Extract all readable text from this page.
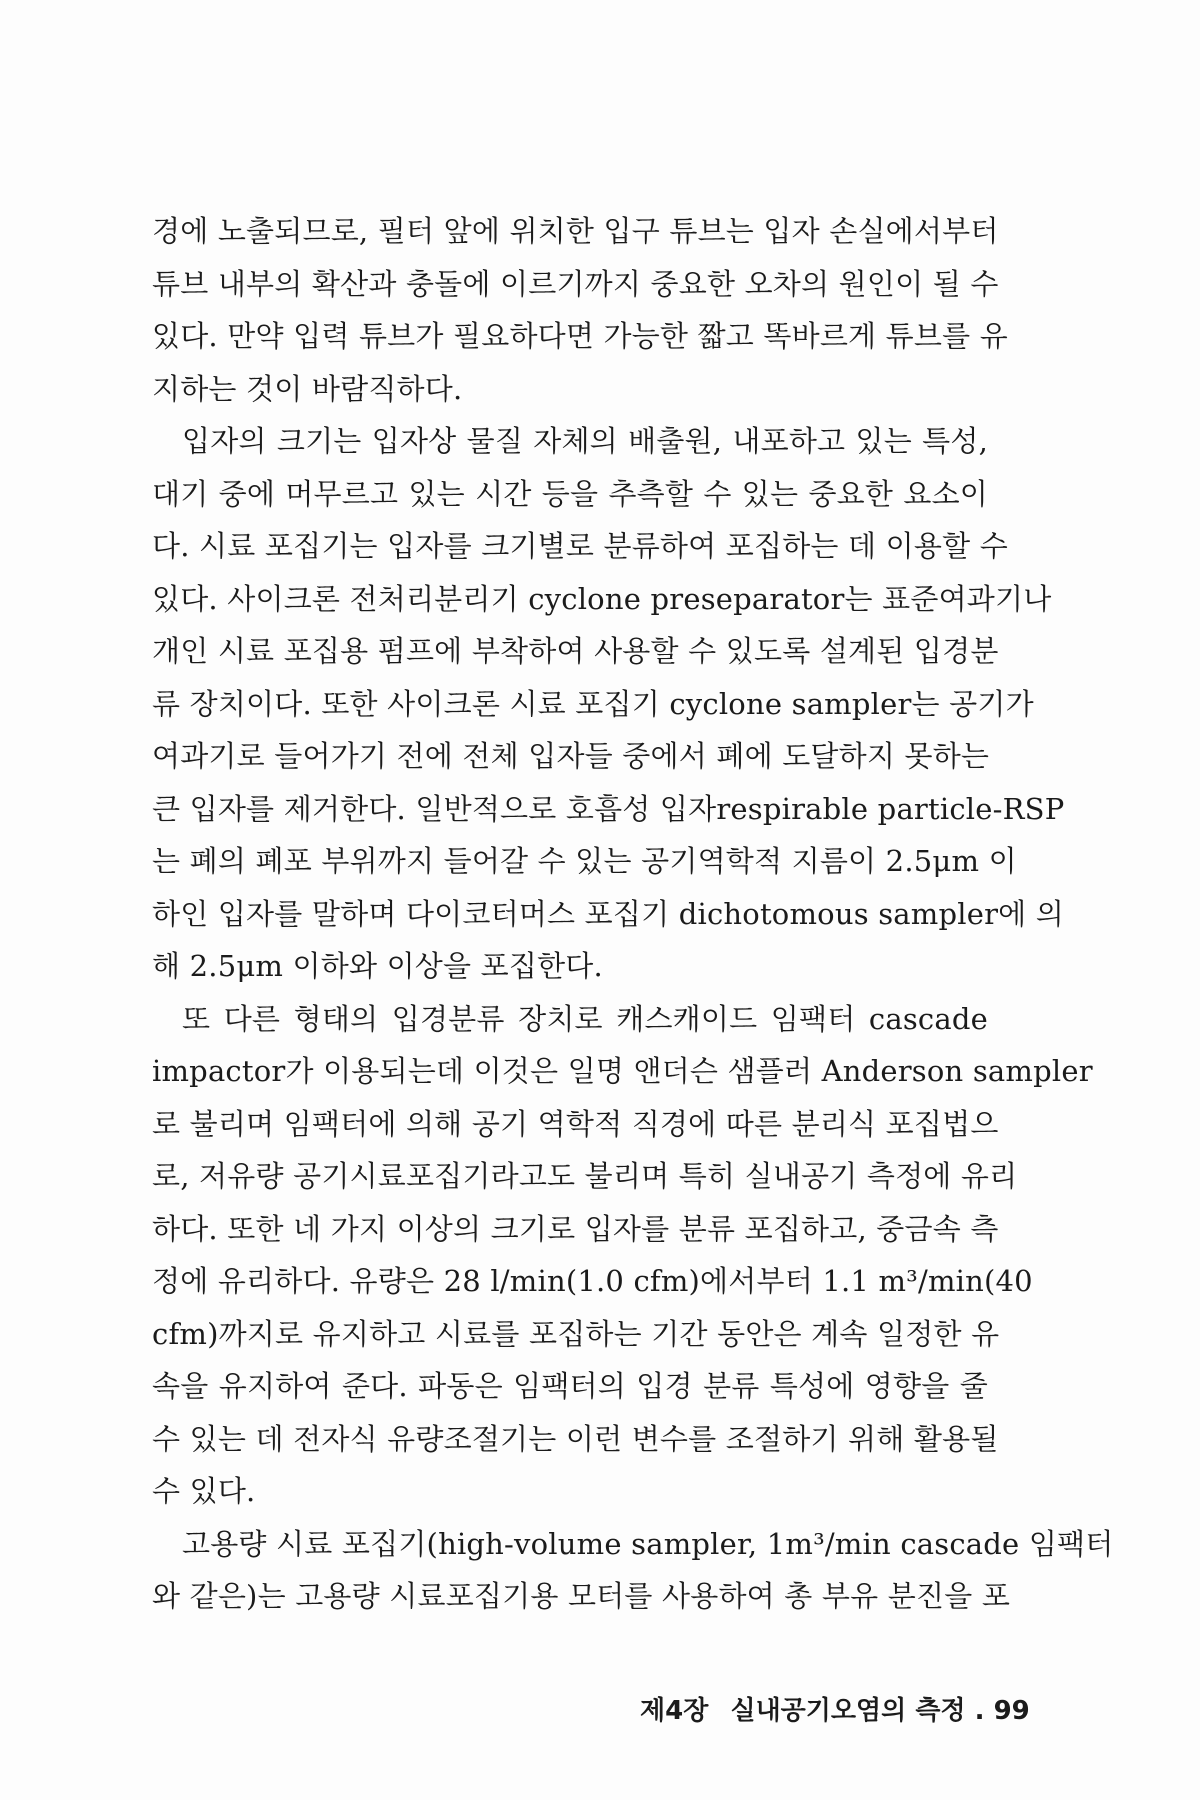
경에 노출되므로, 필터 앞에 위치한 입구 튜브는 입자 손실에서부터
튜브 내부의 확산과 충돌에 이르기까지 중요한 오차의 원인이 될 수
있다. 만약 입력 튜브가 필요하다면 가능한 짧고 똑바르게 튜브를 유
지하는 것이 바람직하다.
입자의 크기는 입자상 물질 자체의 배출원, 내포하고 있는 특성,
대기 중에 머무르고 있는 시간 등을 추측할 수 있는 중요한 요소이
다. 시료 포집기는 입자를 크기별로 분류하여 포집하는 데 이용할 수
있다. 사이크론 전처리분리기 cyclone preseparator는 표준여과기나
개인 시료 포집용 펌프에 부착하여 사용할 수 있도록 설계된 입경분
류 장치이다. 또한 사이크론 시료 포집기 cyclone sampler는 공기가
여과기로 들어가기 전에 전체 입자들 중에서 폐에 도달하지 못하는
큰 입자를 제거한다. 일반적으로 호흡성 입자respirable particle-RSP
는 폐의 폐포 부위까지 들어갈 수 있는 공기역학적 지름이 2.5μm 이
하인 입자를 말하며 다이코터머스 포집기 dichotomous sampler에 의
해 2.5μm 이하와 이상을 포집한다.
또 다른 형태의 입경분류 장치로 캐스캐이드 임팩터 cascade
impactor가 이용되는데 이것은 일명 앤더슨 샘플러 Anderson sampler
로 불리며 임팩터에 의해 공기 역학적 직경에 따른 분리식 포집법으
로, 저유량 공기시료포집기라고도 불리며 특히 실내공기 측정에 유리
하다. 또한 네 가지 이상의 크기로 입자를 분류 포집하고, 중금속 측
정에 유리하다. 유량은 28 l/min(1.0 cfm)에서부터 1.1 m³/min(40
cfm)까지로 유지하고 시료를 포집하는 기간 동안은 계속 일정한 유
속을 유지하여 준다. 파동은 임팩터의 입경 분류 특성에 영향을 줄
수 있는 데 전자식 유량조절기는 이런 변수를 조절하기 위해 활용될
수 있다.
고용량 시료 포집기(high-volume sampler, 1m³/min cascade 임팩터
와 같은)는 고용량 시료포집기용 모터를 사용하여 총 부유 분진을 포
제4장 실내공기오염의 측정 . 99
